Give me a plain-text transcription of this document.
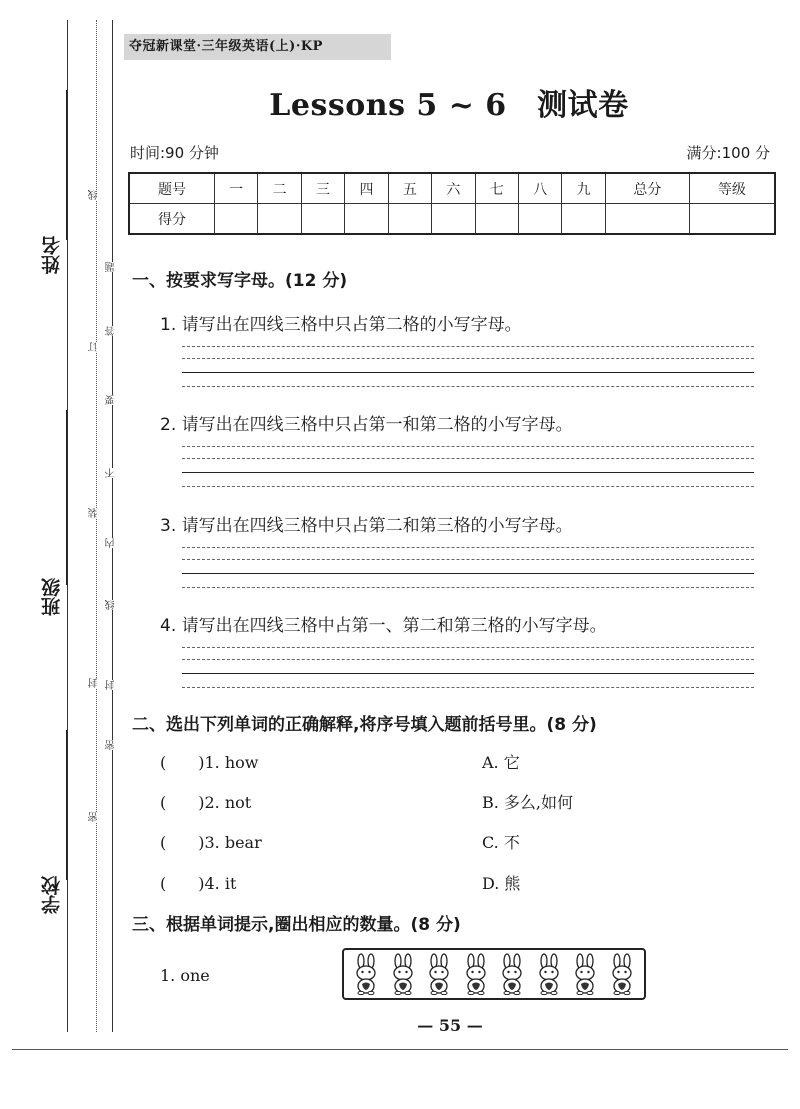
姓名
班级
学校
线
订
装
封
密
题
答
要
不
内
线
封
密
夺冠新课堂·三年级英语(上)·KP
Lessons 5 ~ 6　测试卷
时间:90 分钟	满分:100 分
题号	一	二	三	四	五	六	七	八	九	总分	等级
得分											
一、按要求写字母。(12 分)
1. 请写出在四线三格中只占第二格的小写字母。
2. 请写出在四线三格中只占第一和第二格的小写字母。
3. 请写出在四线三格中只占第二和第三格的小写字母。
4. 请写出在四线三格中占第一、第二和第三格的小写字母。
二、选出下列单词的正确解释,将序号填入题前括号里。(8 分)
(　　)1. how	A. 它
(　　)2. not	B. 多么,如何
(　　)3. bear	C. 不
(　　)4. it	D. 熊
三、根据单词提示,圈出相应的数量。(8 分)
1. one
— 55 —
